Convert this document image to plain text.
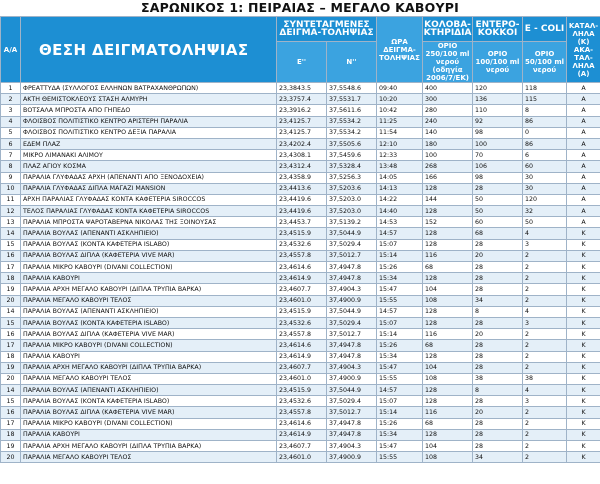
ΣΑΡΩΝΙΚΟΣ 1: ΠΕΙΡΑΙΑΣ – ΜΕΓΑΛΟ ΚΑΒΟΥΡΙ
Α/Α	ΘΕΣΗ ΔΕΙΓΜΑΤΟΛΗΨΙΑΣ	ΣΥΝΤΕΤΑΓΜΕΝΕΣ ΔΕΙΓΜΑ-ΤΟΛΗΨΙΑΣ		ΩΡΑ ΔΕΙΓΜΑ-ΤΟΛΗΨΙΑΣ	ΚΟΛΟΒΑ-ΚΤΗΡΙΔΙΑ	ΕΝΤΕΡΟ-ΚΟΚΚΟΙ	E - COLI	ΚΑΤΑΛ-ΛΗΛΑ (Κ) ΑΚΑ-ΤΑΛ-ΛΗΛΑ (Α)
		Ε''	Ν''		ΟΡΙΟ 250/100 ml νερού (οδηγία 2006/7/ΕΚ)	ΟΡΙΟ 100/100 ml νερού	ΟΡΙΟ 50/100 ml νερού	
1	ΦΡΕΑΤΤΥΔΑ (ΣΥΛΛΟΓΟΣ ΕΛΛΗΝΩΝ ΒΑΤΡΑΧΑΝΘΡΩΠΩΝ)	23,3843.5	37,5548.6	09:40	400	120	118	Α
2	ΑΚΤΗ ΘΕΜΙΣΤΟΚΛΕΟΥΣ ΣΤΑΣΗ ΑΛΜΥΡΗ	23,3757.4	37,5531.7	10:20	300	136	115	Α
3	ΒΟΤΣΑΛΑ ΜΠΡΟΣΤΑ ΑΠΟ ΓΗΠΕΔΟ	23,3916.2	37,5611.6	10:42	280	110	8	Α
4	ΦΛΟΙΣΒΟΣ ΠΟΛΙΤΙΣΤΙΚΟ ΚΕΝΤΡΟ ΑΡΙΣΤΕΡΗ ΠΑΡΑΛΙΑ	23,4125.7	37,5534.2	11:25	240	92	86	Α
5	ΦΛΟΙΣΒΟΣ ΠΟΛΙΤΙΣΤΙΚΟ ΚΕΝΤΡΟ ΔΕΞΙΑ ΠΑΡΑΛΙΑ	23,4125.7	37,5534.2	11:54	140	98	0	Α
6	ΕΔΕΜ ΠΛΑΖ	23,4202.4	37,5505.6	12:10	180	100	86	Α
7	ΜΙΚΡΟ ΛΙΜΑΝΑΚΙ ΑΛΙΜΟΥ	23,4308.1	37,5459.6	12:33	100	70	6	Α
8	ΠΛΑΖ ΑΓΙΟΥ ΚΟΣΜΑ	23,4312.4	37,5328.4	13:48	268	106	60	Α
9	ΠΑΡΑΛΙΑ ΓΛΥΦΑΔΑΣ ΑΡΧΗ (ΑΠΕΝΑΝΤΙ ΑΠΟ ΞΕΝΟΔΟΧΕΙΑ)	23,4358.9	37,5256.3	14:05	166	98	30	Α
10	ΠΑΡΑΛΙΑ ΓΛΥΦΑΔΑΣ ΔΙΠΛΑ ΜΑΓΑΖΙ MANSION	23,4413.6	37,5203.6	14:13	128	28	30	Α
11	ΑΡΧΗ ΠΑΡΑΛΙΑΣ ΓΛΥΦΑΔΑΣ ΚΟΝΤΑ ΚΑΦΕΤΕΡΙΑ SIROCCOS	23,4419.6	37,5203.0	14:22	144	50	120	Α
12	ΤΕΛΟΣ ΠΑΡΑΛΙΑΣ ΓΛΥΦΑΔΑΣ ΚΟΝΤΑ ΚΑΦΕΤΕΡΙΑ SIROCCOS	23,4419.6	37,5203.0	14:40	128	50	32	Α
13	ΠΑΡΑΛΙΑ ΜΠΡΟΣΤΑ ΨΑΡΟΤΑΒΕΡΝΑ ΝΙΚΟΛΑΣ ΤΗΣ ΞΟΙΝΟΥΣΑΣ	23,4453.7	37,5139.2	14:53	152	60	50	Α
14	ΠΑΡΑΛΙΑ ΒΟΥΛΑΣ (ΑΠΕΝΑΝΤΙ ΑΣΚΛΗΠΙΕΙΟ)	23,4515.9	37,5044.9	14:57	128	68	4	Κ
15	ΠΑΡΑΛΙΑ ΒΟΥΛΑΣ (ΚΟΝΤΑ ΚΑΦΕΤΕΡΙΑ ISLABO)	23,4532.6	37,5029.4	15:07	128	28	3	Κ
16	ΠΑΡΑΛΙΑ ΒΟΥΛΑΣ ΔΙΠΛΑ (ΚΑΦΕΤΕΡΙΑ VIVE MAR)	23,4557.8	37,5012.7	15:14	116	20	2	Κ
17	ΠΑΡΑΛΙΑ ΜΙΚΡΟ ΚΑΒΟΥΡΙ (DIVANI COLLECTION)	23,4614.6	37,4947.8	15:26	68	28	2	Κ
18	ΠΑΡΑΛΙΑ ΚΑΒΟΥΡΙ	23,4614.9	37,4947.8	15:34	128	28	2	Κ
19	ΠΑΡΑΛΙΑ ΑΡΧΗ ΜΕΓΑΛΟ ΚΑΒΟΥΡΙ (ΔΙΠΛΑ ΤΡΥΠΙΑ ΒΑΡΚΑ)	23,4607.7	37,4904.3	15:47	104	28	2	Κ
20	ΠΑΡΑΛΙΑ ΜΕΓΑΛΟ ΚΑΒΟΥΡΙ ΤΕΛΟΣ	23,4601.0	37,4900.9	15:55	108	34	2	Κ
14	ΠΑΡΑΛΙΑ ΒΟΥΛΑΣ (ΑΠΕΝΑΝΤΙ ΑΣΚΛΗΠΙΕΙΟ)	23,4515.9	37,5044.9	14:57	128	8	4	Κ
15	ΠΑΡΑΛΙΑ ΒΟΥΛΑΣ (ΚΟΝΤΑ ΚΑΦΕΤΕΡΙΑ ISLABO)	23,4532.6	37,5029.4	15:07	128	28	3	Κ
16	ΠΑΡΑΛΙΑ ΒΟΥΛΑΣ ΔΙΠΛΑ (ΚΑΦΕΤΕΡΙΑ VIVE MAR)	23,4557.8	37,5012.7	15:14	116	20	2	Κ
17	ΠΑΡΑΛΙΑ ΜΙΚΡΟ ΚΑΒΟΥΡΙ (DIVANI COLLECTION)	23,4614.6	37,4947.8	15:26	68	28	2	Κ
18	ΠΑΡΑΛΙΑ ΚΑΒΟΥΡΙ	23,4614.9	37,4947.8	15:34	128	28	2	Κ
19	ΠΑΡΑΛΙΑ ΑΡΧΗ ΜΕΓΑΛΟ ΚΑΒΟΥΡΙ (ΔΙΠΛΑ ΤΡΥΠΙΑ ΒΑΡΚΑ)	23,4607.7	37,4904.3	15:47	104	28	2	Κ
20	ΠΑΡΑΛΙΑ ΜΕΓΑΛΟ ΚΑΒΟΥΡΙ ΤΕΛΟΣ	23,4601.0	37,4900.9	15:55	108	38	38	Κ
14	ΠΑΡΑΛΙΑ ΒΟΥΛΑΣ (ΑΠΕΝΑΝΤΙ ΑΣΚΛΗΠΙΕΙΟ)	23,4515.9	37,5044.9	14:57	128	8	4	Κ
15	ΠΑΡΑΛΙΑ ΒΟΥΛΑΣ (ΚΟΝΤΑ ΚΑΦΕΤΕΡΙΑ ISLABO)	23,4532.6	37,5029.4	15:07	128	28	3	Κ
16	ΠΑΡΑΛΙΑ ΒΟΥΛΑΣ ΔΙΠΛΑ (ΚΑΦΕΤΕΡΙΑ VIVE MAR)	23,4557.8	37,5012.7	15:14	116	20	2	Κ
17	ΠΑΡΑΛΙΑ ΜΙΚΡΟ ΚΑΒΟΥΡΙ (DIVANI COLLECTION)	23,4614.6	37,4947.8	15:26	68	28	2	Κ
18	ΠΑΡΑΛΙΑ ΚΑΒΟΥΡΙ	23,4614.9	37,4947.8	15:34	128	28	2	Κ
19	ΠΑΡΑΛΙΑ ΑΡΧΗ ΜΕΓΑΛΟ ΚΑΒΟΥΡΙ (ΔΙΠΛΑ ΤΡΥΠΙΑ ΒΑΡΚΑ)	23,4607.7	37,4904.3	15:47	104	28	2	Κ
20	ΠΑΡΑΛΙΑ ΜΕΓΑΛΟ ΚΑΒΟΥΡΙ ΤΕΛΟΣ	23,4601.0	37,4900.9	15:55	108	34	2	Κ
